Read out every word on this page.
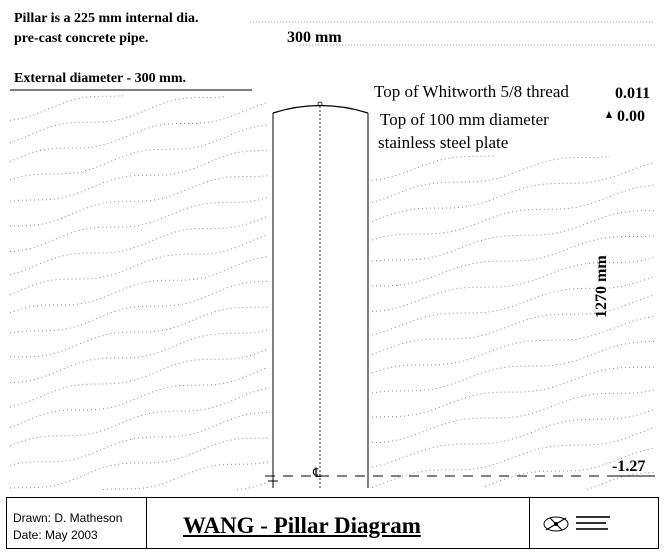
Pillar is a 225 mm internal dia.
pre-cast concrete pipe.
External diameter - 300 mm.
300 mm
1270 mm
Top of Whitworth 5/8 thread
Top of 100 mm diameter
stainless steel plate
0.011
0.00
-1.27
℄
Drawn: D. Matheson
Date: May 2003	WANG - Pillar Diagram
